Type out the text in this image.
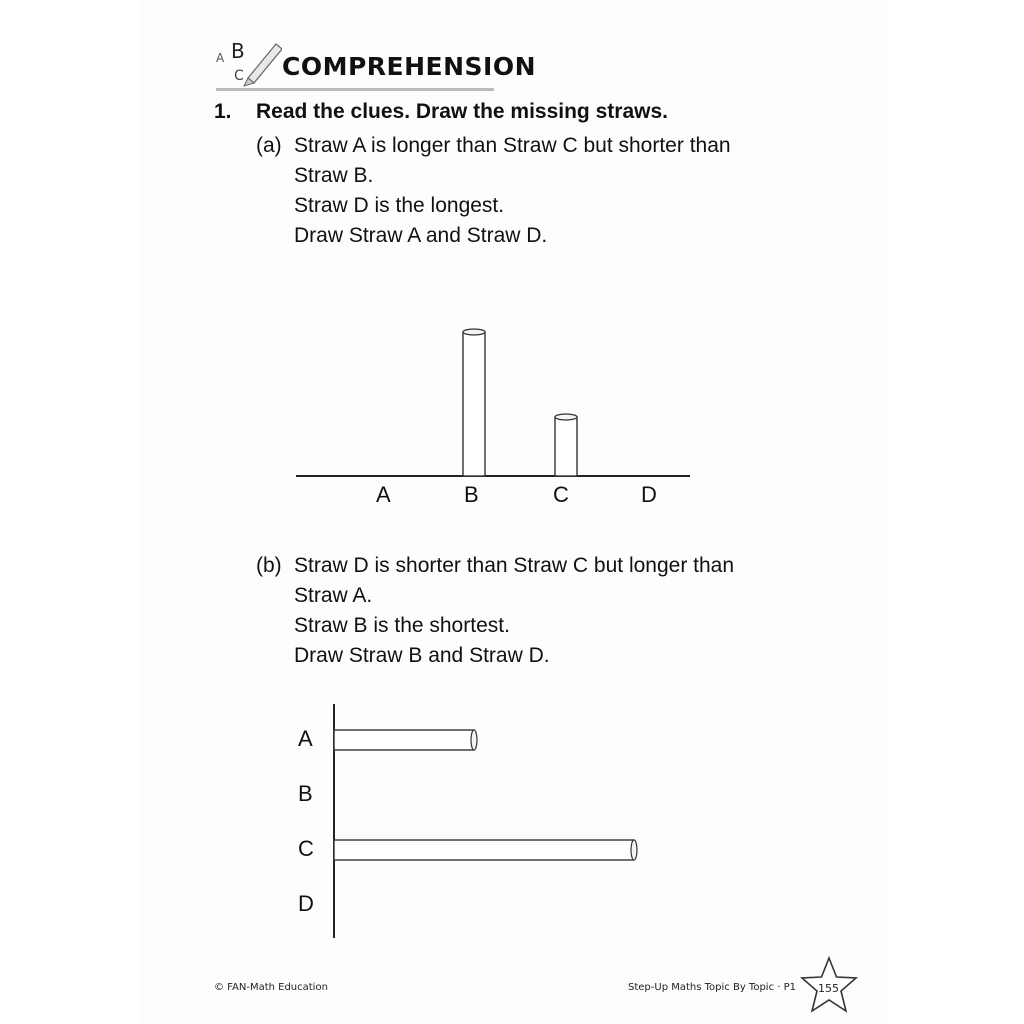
A B
C COMPREHENSION
1. Read the clues. Draw the missing straws.
(a) Straw A is longer than Straw C but shorter than
Straw B.
Straw D is the longest.
Draw Straw A and Straw D.
A	B	C	D
(b) Straw D is shorter than Straw C but longer than
Straw A.
Straw B is the shortest.
Draw Straw B and Straw D.
A
B
C
D
© FAN-Math Education	Step-Up Maths Topic By Topic · P1 155
